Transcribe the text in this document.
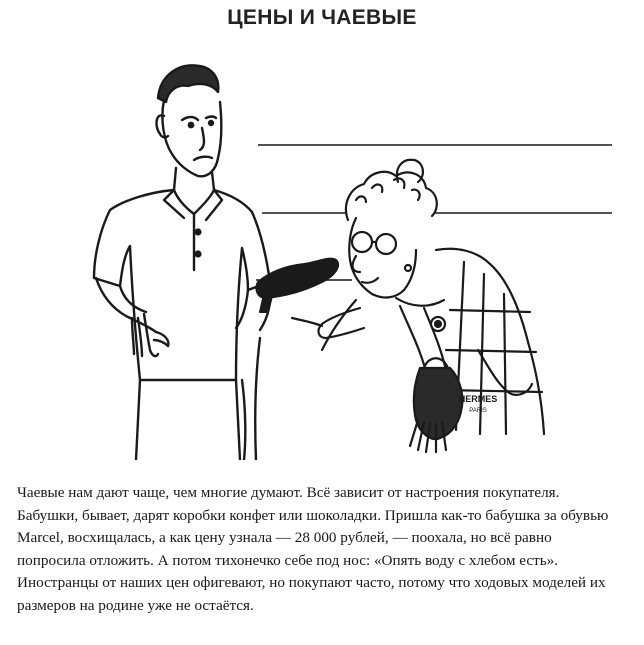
ЦЕНЫ И ЧАЕВЫЕ
HERMES
PARIS
Чаевые нам дают чаще, чем многие думают. Всё зависит от настроения покупателя. Бабушки, бывает, дарят коробки конфет или шоколадки. Пришла как-то бабушка за обувью Marcel, восхищалась, а как цену узнала — 28 000 рублей, — поохала, но всё равно попросила отложить. А потом тихонечко себе под нос: «Опять воду с хлебом есть». Иностранцы от наших цен офигевают, но покупают часто, потому что ходовых моделей их размеров на родине уже не остаётся.
